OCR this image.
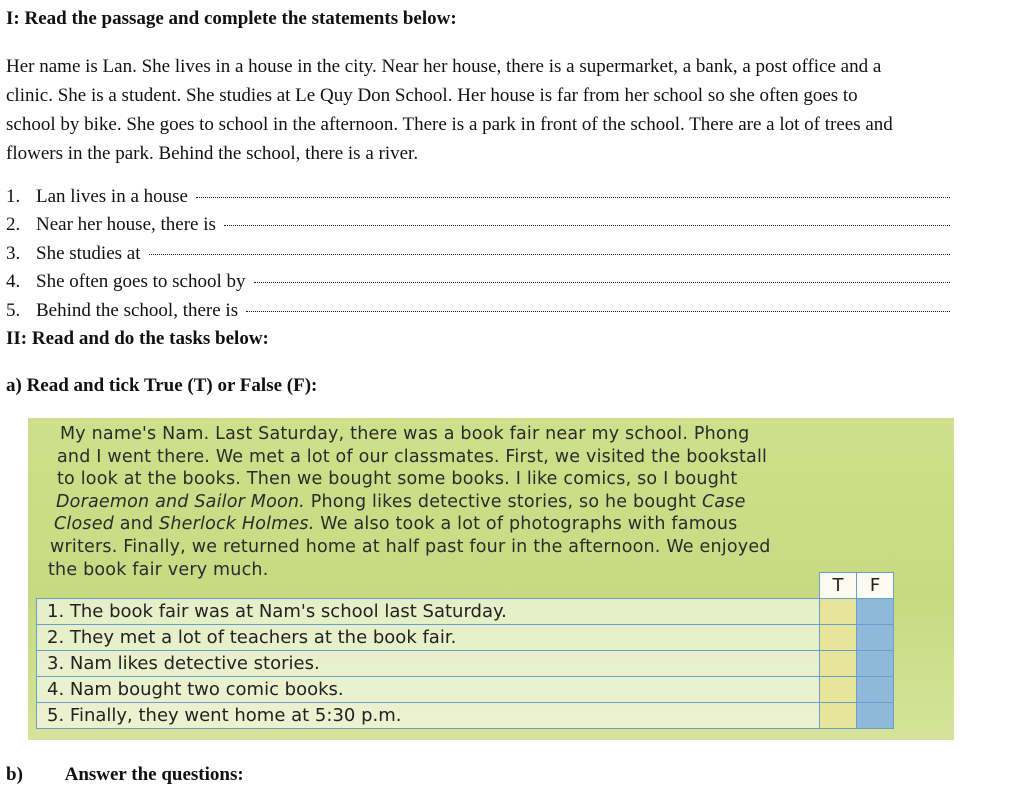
I: Read the passage and complete the statements below:
Her name is Lan. She lives in a house in the city. Near her house, there is a supermarket, a bank, a post office and a
clinic. She is a student. She studies at Le Quy Don School. Her house is far from her school so she often goes to
school by bike. She goes to school in the afternoon. There is a park in front of the school. There are a lot of trees and
flowers in the park. Behind the school, there is a river.
1. Lan lives in a house
2. Near her house, there is
3. She studies at
4. She often goes to school by
5. Behind the school, there is
II: Read and do the tasks below:
a) Read and tick True (T) or False (F):
My name's Nam. Last Saturday, there was a book fair near my school. Phong
and I went there. We met a lot of our classmates. First, we visited the bookstall
to look at the books. Then we bought some books. I like comics, so I bought
Doraemon and Sailor Moon. Phong likes detective stories, so he bought Case
Closed and Sherlock Holmes. We also took a lot of photographs with famous
writers. Finally, we returned home at half past four in the afternoon. We enjoyed
the book fair very much.
	T	F
1. The book fair was at Nam's school last Saturday.		
2. They met a lot of teachers at the book fair.		
3. Nam likes detective stories.		
4. Nam bought two comic books.		
5. Finally, they went home at 5:30 p.m.		
b)         Answer the questions:
